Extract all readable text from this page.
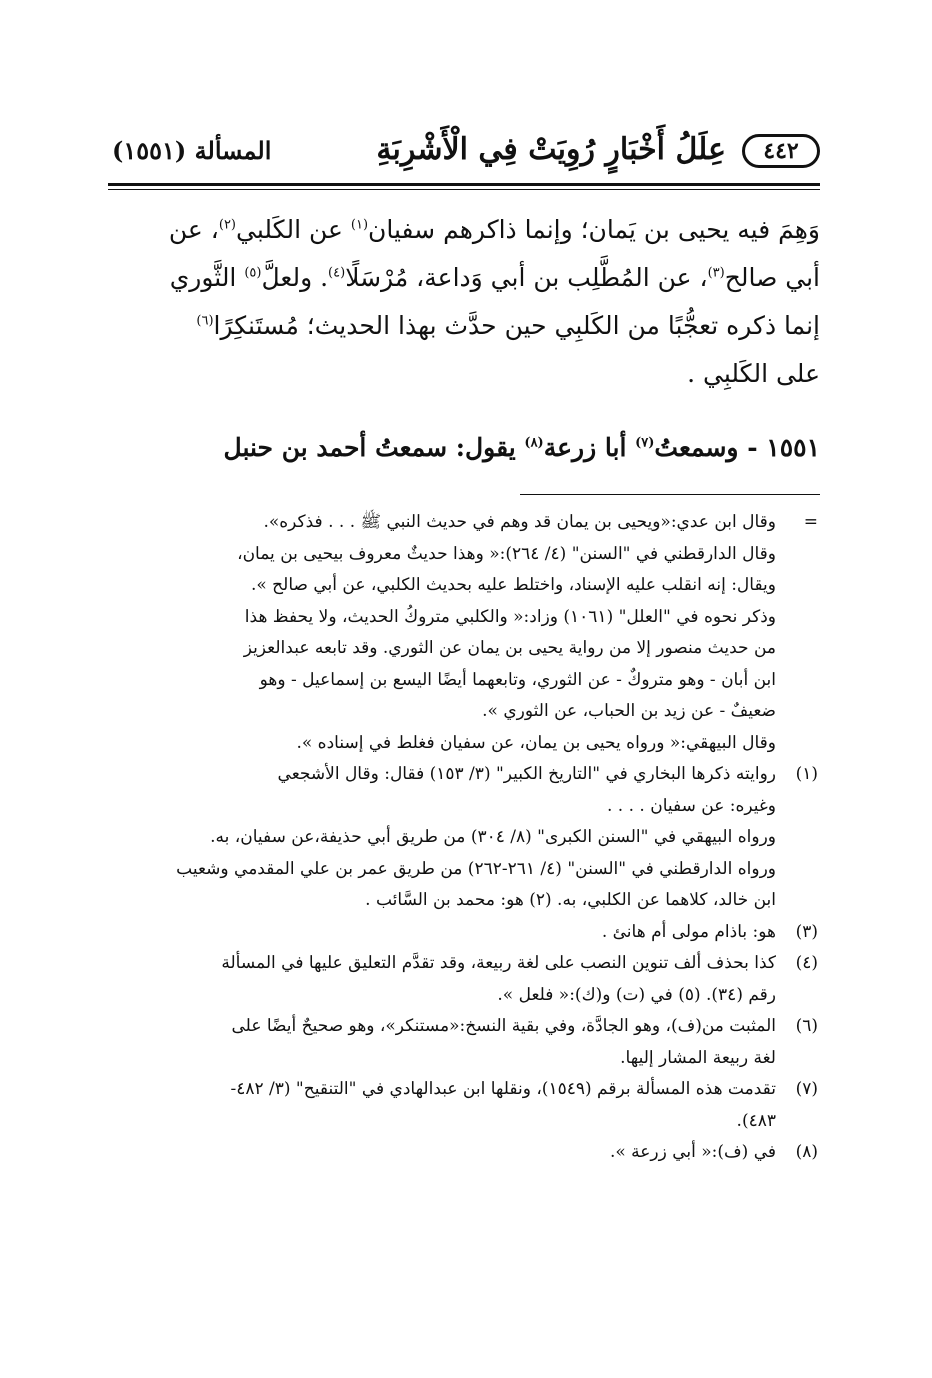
٤٤٢
عِلَلُ أَخْبَارٍ رُوِيَتْ فِي الْأَشْرِبَةِ
المسألة (١٥٥١)

وَهِمَ فيه يحيى بن يَمان؛ وإنما ذاكرهم سفيان$^{(١)}$ عن الكَلبي$^{(٢)}$، عن

أبي صالح$^{(٣)}$، عن المُطَّلِب بن أبي وَداعة، مُرْسَلًا$^{(٤)}$. ولعلَّ$^{(٥)}$ الثَّوري

إنما ذكره تعجُّبًا من الكَلبِي حين حدَّث بهذا الحديث؛ مُستَنكِرًا$^{(٦)}$

على الكَلبِي .

١٥٥١ - وسمعتُ$^{(٧)}$ أبا زرعة$^{(٨)}$ يقول: سمعتُ أحمد بن حنبل

=
وقال ابن عدي:«ويحيى بن يمان قد وهم في حديث النبي ﷺ . . . فذكره».
وقال الدارقطني في "السنن" (٤/ ٢٦٤):« وهذا حديثٌ معروف بيحيى بن يمان،
ويقال: إنه انقلب عليه الإسناد، واختلط عليه بحديث الكلبي، عن أبي صالح ».
وذكر نحوه في "العلل" (١٠٦١) وزاد:« والكلبي متروكُ الحديث، ولا يحفظ هذا
من حديث منصور إلا من رواية يحيى بن يمان عن الثوري. وقد تابعه عبدالعزيز
ابن أبان - وهو متروكٌ - عن الثوري، وتابعهما أيضًا اليسع بن إسماعيل - وهو
ضعيفٌ - عن زيد بن الحباب، عن الثوري ».
وقال البيهقي:« ورواه يحيى بن يمان، عن سفيان فغلط في إسناده ».
(١)
روايته ذكرها البخاري في "التاريخ الكبير" (٣/ ١٥٣) فقال: وقال الأشجعي
وغيره: عن سفيان . . . .
ورواه البيهقي في "السنن الكبرى" (٨/ ٣٠٤) من طريق أبي حذيفة،عن سفيان، به.
ورواه الدارقطني في "السنن" (٤/ ٢٦١-٢٦٢) من طريق عمر بن علي المقدمي وشعيب
ابن خالد، كلاهما عن الكلبي، به. (٢) هو: محمد بن السَّائب .
(٣)
هو: باذام مولى أم هانئ .
(٤)
كذا بحذف ألف تنوين النصب على لغة ربيعة، وقد تقدَّم التعليق عليها في المسألة
رقم (٣٤). (٥) في (ت) و(ك):« فلعل ».
(٦)
المثبت من(ف)، وهو الجادَّة، وفي بقية النسخ:«مستنكر»، وهو صحيحٌ أيضًا على
لغة ربيعة المشار إليها.
(٧)
تقدمت هذه المسألة برقم (١٥٤٩)، ونقلها ابن عبدالهادي في "التنقيح" (٣/ ٤٨٢-
٤٨٣).
(٨)
في (ف):« أبي زرعة ».
